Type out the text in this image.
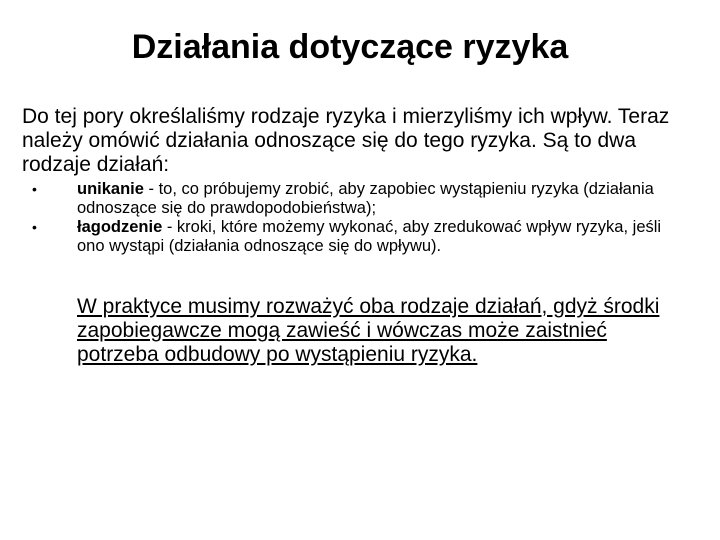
Działania dotyczące ryzyka
Do tej pory określaliśmy rodzaje ryzyka i mierzyliśmy ich wpływ. Teraz należy omówić działania odnoszące się do tego ryzyka. Są to dwa rodzaje działań:

•	unikanie - to, co próbujemy zrobić, aby zapobiec wystąpieniu ryzyka (działania odnoszące się do prawdopodobieństwa);

•	łagodzenie - kroki, które możemy wykonać, aby zredukować wpływ ryzyka, jeśli ono wystąpi (działania odnoszące się do wpływu).

W praktyce musimy rozważyć oba rodzaje działań, gdyż środki zapobiegawcze mogą zawieść i wówczas może zaistnieć potrzeba odbudowy po wystąpieniu ryzyka.
